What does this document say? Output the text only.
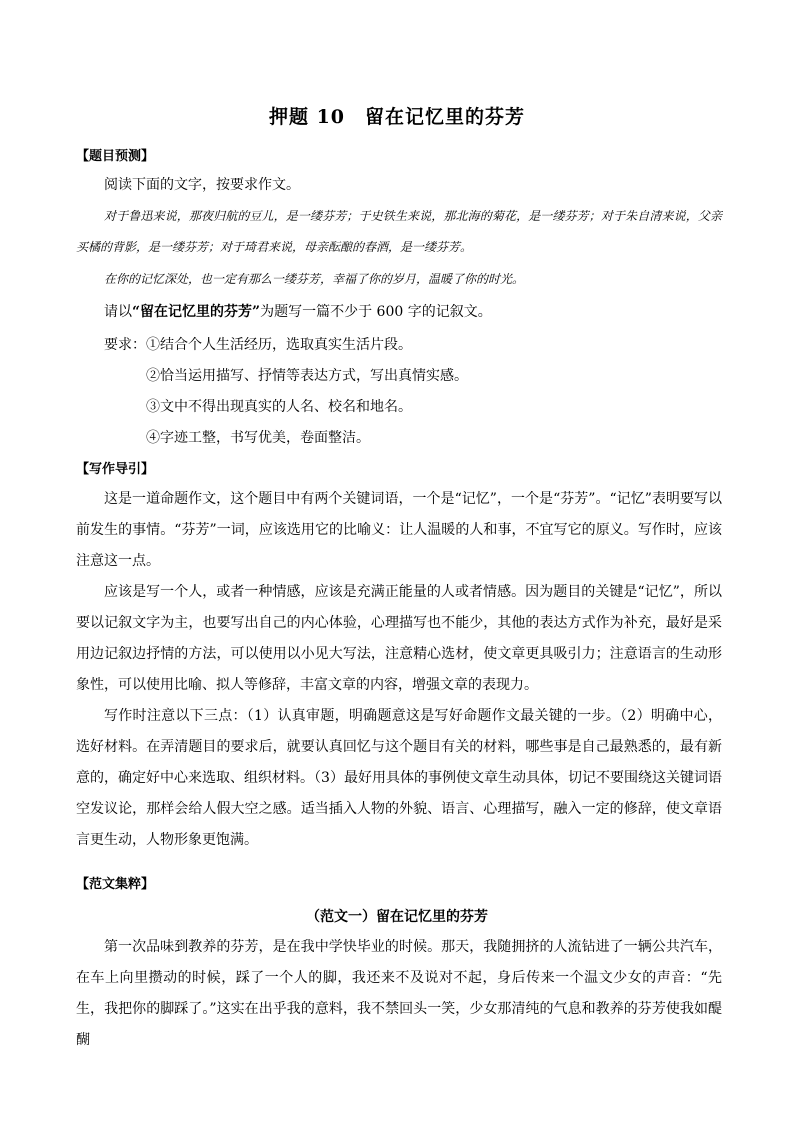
押题 10　留在记忆里的芬芳
【题目预测】
阅读下面的文字，按要求作文。
对于鲁迅来说，那夜归航的豆儿，是一缕芬芳；于史铁生来说，那北海的菊花，是一缕芬芳；对于朱自清来说，父亲买橘的背影，是一缕芬芳；对于琦君来说，母亲酝酿的春酒，是一缕芬芳。
在你的记忆深处，也一定有那么一缕芬芳，幸福了你的岁月，温暖了你的时光。
请以“留在记忆里的芬芳”为题写一篇不少于 600 字的记叙文。
要求：①结合个人生活经历，选取真实生活片段。
②恰当运用描写、抒情等表达方式，写出真情实感。
③文中不得出现真实的人名、校名和地名。
④字迹工整，书写优美，卷面整洁。
【写作导引】
这是一道命题作文，这个题目中有两个关键词语，一个是“记忆”，一个是“芬芳”。“记忆”表明要写以前发生的事情。“芬芳”一词，应该选用它的比喻义：让人温暖的人和事，不宜写它的原义。写作时，应该注意这一点。
应该是写一个人，或者一种情感，应该是充满正能量的人或者情感。因为题目的关键是“记忆”，所以要以记叙文字为主，也要写出自己的内心体验，心理描写也不能少，其他的表达方式作为补充，最好是采用边记叙边抒情的方法，可以使用以小见大写法，注意精心选材，使文章更具吸引力；注意语言的生动形象性，可以使用比喻、拟人等修辞，丰富文章的内容，增强文章的表现力。
写作时注意以下三点：（1）认真审题，明确题意这是写好命题作文最关键的一步。（2）明确中心，选好材料。在弄清题目的要求后，就要认真回忆与这个题目有关的材料，哪些事是自己最熟悉的，最有新意的，确定好中心来选取、组织材料。（3）最好用具体的事例使文章生动具体，切记不要围绕这关键词语空发议论，那样会给人假大空之感。适当插入人物的外貌、语言、心理描写，融入一定的修辞，使文章语言更生动，人物形象更饱满。
【范文集粹】
（范文一）留在记忆里的芬芳
第一次品味到教养的芬芳，是在我中学快毕业的时候。那天，我随拥挤的人流钻进了一辆公共汽车，在车上向里攒动的时候，踩了一个人的脚，我还来不及说对不起，身后传来一个温文少女的声音：“先生，我把你的脚踩了。”这实在出乎我的意料，我不禁回头一笑，少女那清纯的气息和教养的芬芳使我如醍醐
